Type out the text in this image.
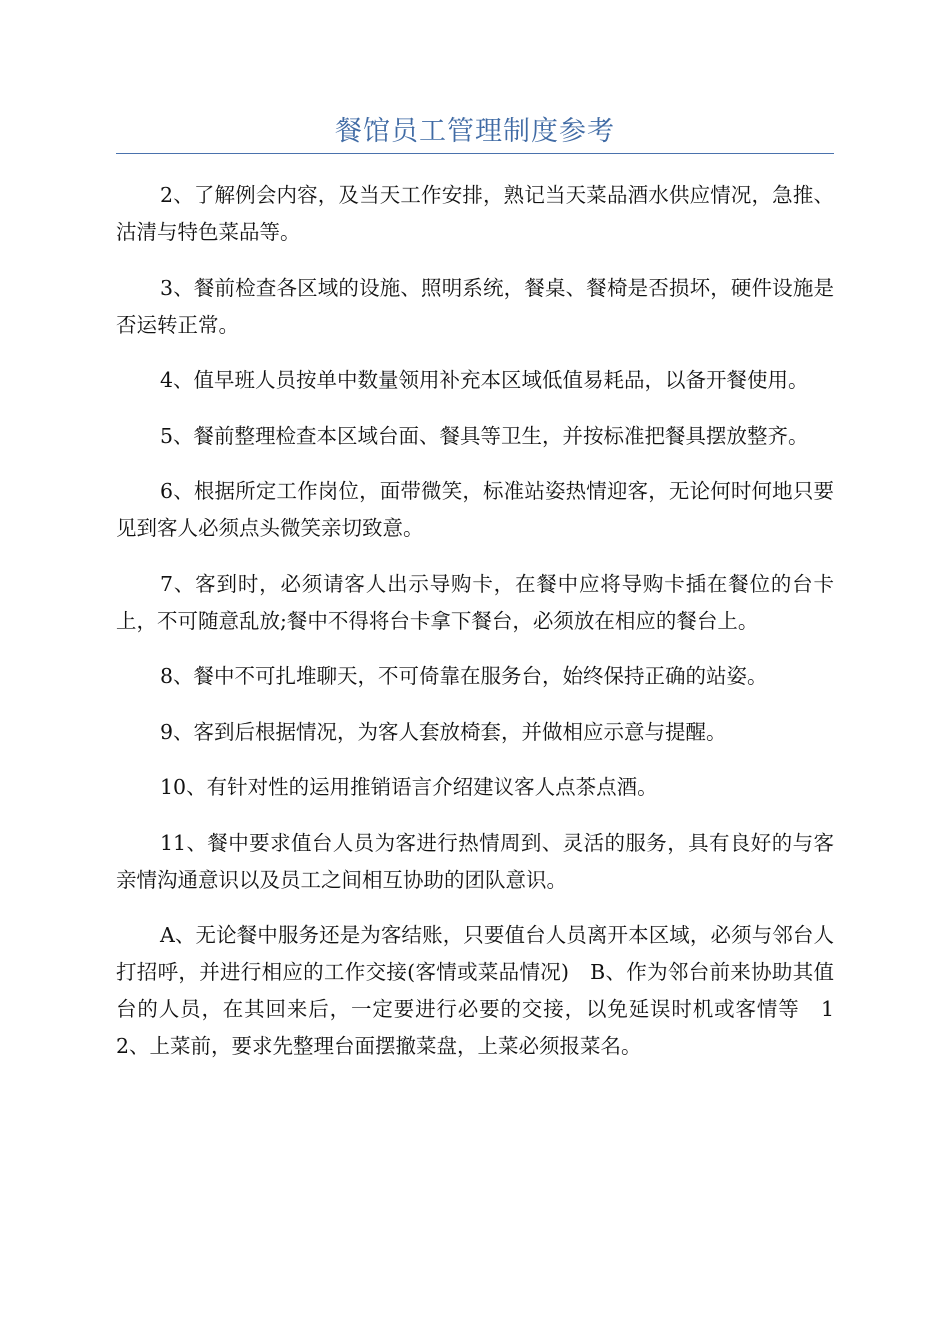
餐馆员工管理制度参考

2、了解例会内容，及当天工作安排，熟记当天菜品酒水供应情况，急推、沽清与特色菜品等。

3、餐前检查各区域的设施、照明系统，餐桌、餐椅是否损坏，硬件设施是否运转正常。

4、值早班人员按单中数量领用补充本区域低值易耗品，以备开餐使用。

5、餐前整理检查本区域台面、餐具等卫生，并按标准把餐具摆放整齐。

6、根据所定工作岗位，面带微笑，标准站姿热情迎客，无论何时何地只要见到客人必须点头微笑亲切致意。

7、客到时，必须请客人出示导购卡，在餐中应将导购卡插在餐位的台卡上，不可随意乱放;餐中不得将台卡拿下餐台，必须放在相应的餐台上。

8、餐中不可扎堆聊天，不可倚靠在服务台，始终保持正确的站姿。

9、客到后根据情况，为客人套放椅套，并做相应示意与提醒。

10、有针对性的运用推销语言介绍建议客人点茶点酒。

11、餐中要求值台人员为客进行热情周到、灵活的服务，具有良好的与客亲情沟通意识以及员工之间相互协助的团队意识。

A、无论餐中服务还是为客结账，只要值台人员离开本区域，必须与邻台人打招呼，并进行相应的工作交接(客情或菜品情况)　B、作为邻台前来协助其值台的人员，在其回来后，一定要进行必要的交接，以免延误时机或客情等　12、上菜前，要求先整理台面摆撤菜盘，上菜必须报菜名。
